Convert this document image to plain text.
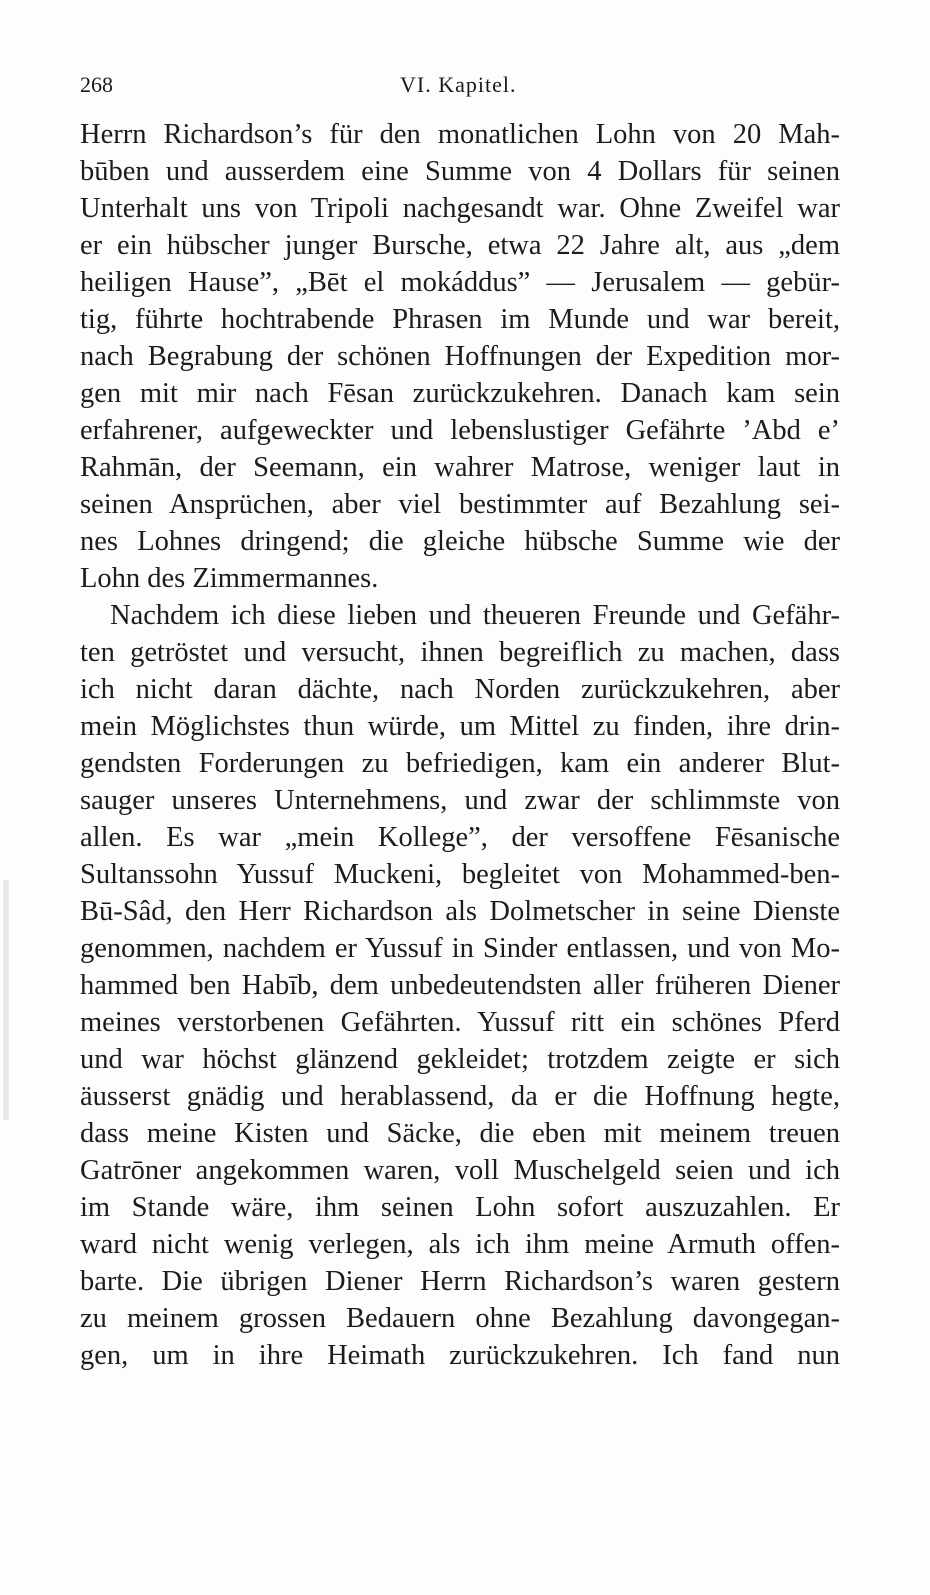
268	VI. Kapitel.
Herrn Richardson’s für den monatlichen Lohn von 20 Mah-
būben und ausserdem eine Summe von 4 Dollars für seinen
Unterhalt uns von Tripoli nachgesandt war. Ohne Zweifel war
er ein hübscher junger Bursche, etwa 22 Jahre alt, aus „dem
heiligen Hause”, „Bēt el mokáddus” — Jerusalem — gebür-
tig, führte hochtrabende Phrasen im Munde und war bereit,
nach Begrabung der schönen Hoffnungen der Expedition mor-
gen mit mir nach Fēsan zurückzukehren. Danach kam sein
erfahrener, aufgeweckter und lebenslustiger Gefährte ’Abd e’
Rahmān, der Seemann, ein wahrer Matrose, weniger laut in
seinen Ansprüchen, aber viel bestimmter auf Bezahlung sei-
nes Lohnes dringend; die gleiche hübsche Summe wie der
Lohn des Zimmermannes.
Nachdem ich diese lieben und theueren Freunde und Gefähr-
ten getröstet und versucht, ihnen begreiflich zu machen, dass
ich nicht daran dächte, nach Norden zurückzukehren, aber
mein Möglichstes thun würde, um Mittel zu finden, ihre drin-
gendsten Forderungen zu befriedigen, kam ein anderer Blut-
sauger unseres Unternehmens, und zwar der schlimmste von
allen. Es war „mein Kollege”, der versoffene Fēsanische
Sultanssohn Yussuf Muckeni, begleitet von Mohammed-ben-
Bū-Sâd, den Herr Richardson als Dolmetscher in seine Dienste
genommen, nachdem er Yussuf in Sinder entlassen, und von Mo-
hammed ben Habīb, dem unbedeutendsten aller früheren Diener
meines verstorbenen Gefährten. Yussuf ritt ein schönes Pferd
und war höchst glänzend gekleidet; trotzdem zeigte er sich
äusserst gnädig und herablassend, da er die Hoffnung hegte,
dass meine Kisten und Säcke, die eben mit meinem treuen
Gatrōner angekommen waren, voll Muschelgeld seien und ich
im Stande wäre, ihm seinen Lohn sofort auszuzahlen. Er
ward nicht wenig verlegen, als ich ihm meine Armuth offen-
barte. Die übrigen Diener Herrn Richardson’s waren gestern
zu meinem grossen Bedauern ohne Bezahlung davongegan-
gen, um in ihre Heimath zurückzukehren. Ich fand nun
